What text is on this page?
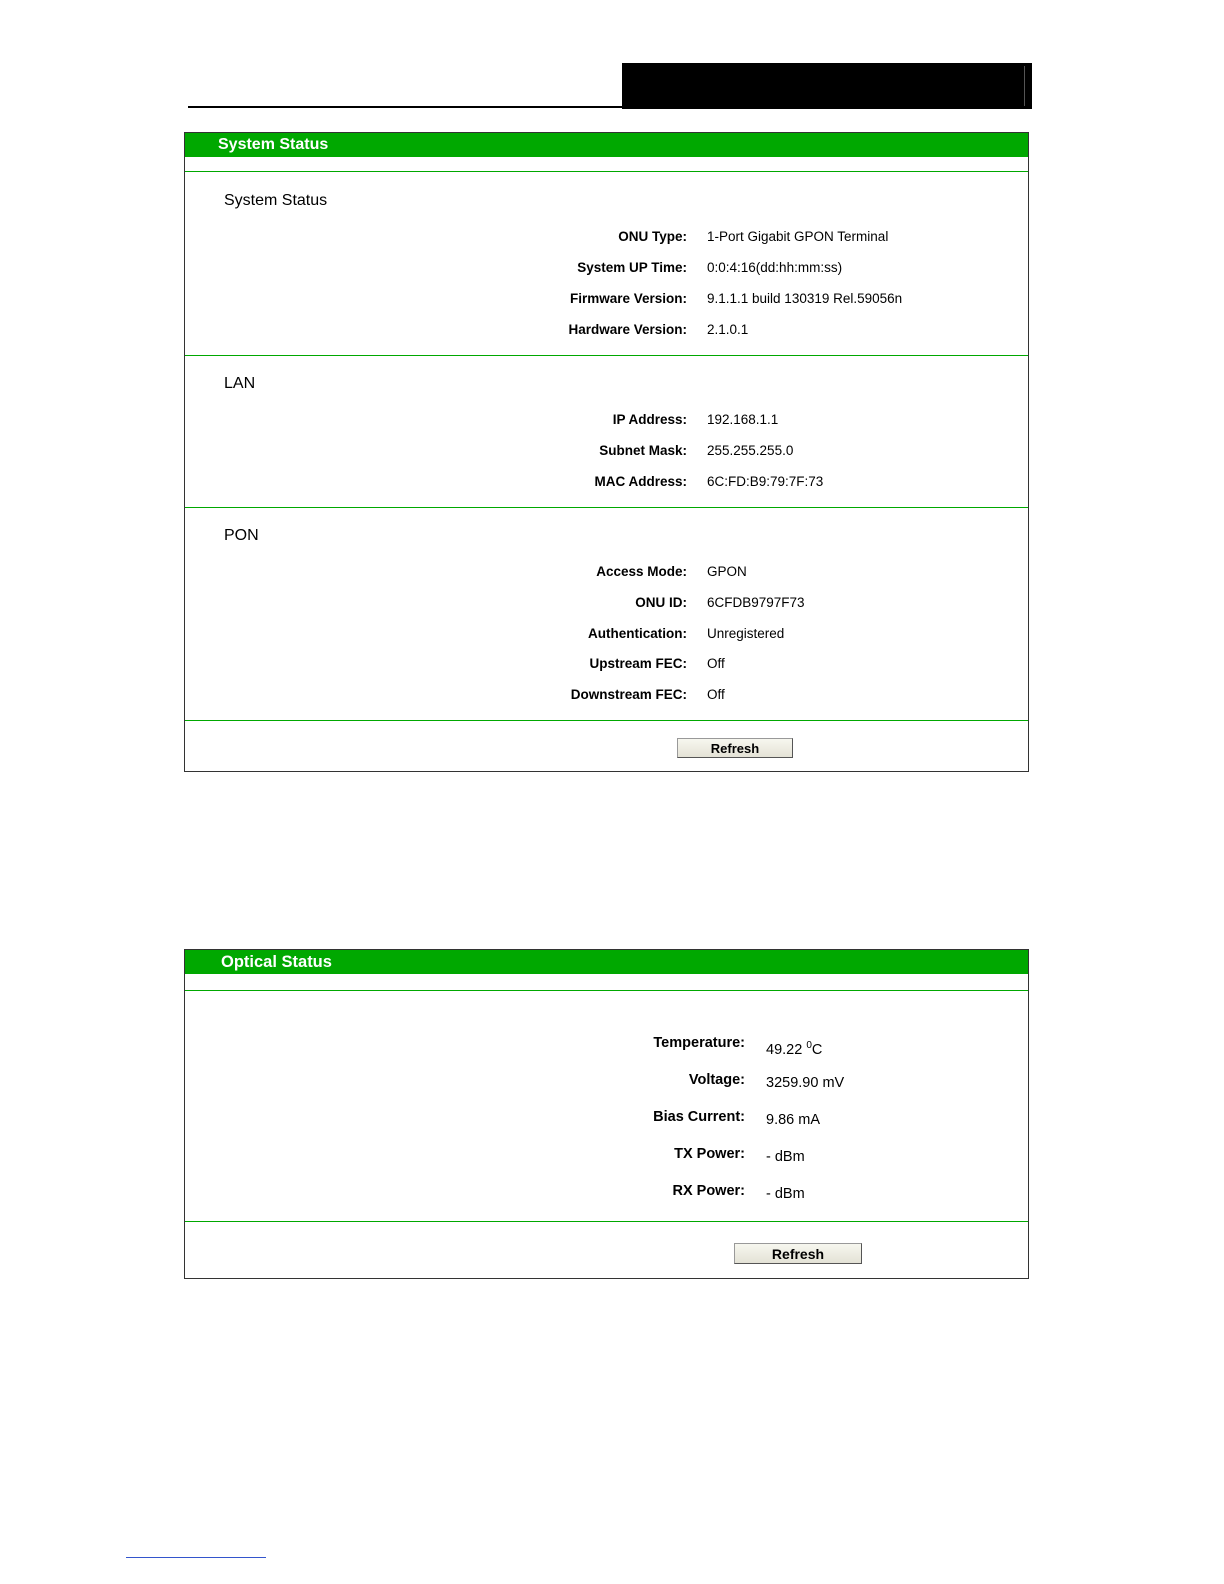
System Status
System Status
ONU Type: 1-Port Gigabit GPON Terminal
System UP Time: 0:0:4:16(dd:hh:mm:ss)
Firmware Version: 9.1.1.1 build 130319 Rel.59056n
Hardware Version: 2.1.0.1
LAN
IP Address: 192.168.1.1
Subnet Mask: 255.255.255.0
MAC Address: 6C:FD:B9:79:7F:73
PON
Access Mode: GPON
ONU ID: 6CFDB9797F73
Authentication: Unregistered
Upstream FEC: Off
Downstream FEC: Off
Refresh
Optical Status
Temperature: 49.22 $^0$C
Voltage: 3259.90 mV
Bias Current: 9.86 mA
TX Power: - dBm
RX Power: - dBm
Refresh
